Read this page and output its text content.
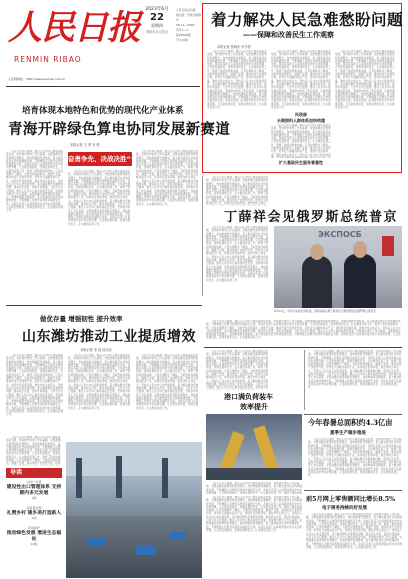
人民日报
RENMIN RIBAO
2023年6月
22
星期四
癸卯年五月初五
人民日报社出版
国内统一连续出版物号
CN 11—0065
代号1—1
第26566期
今日20版
人民网网址：http://www.people.com.cn
着力解决人民急难愁盼问题
——保障和改善民生工作观察
本报记者 张晓东 申少铁
　　习近平总书记强调，要以人民为中心推动高质量发展，坚持稳中求进工作总基调，完整准确全面贯彻新发展理念，加快构建新发展格局，着力推动经济社会持续健康发展，不断增强人民群众获得感幸福感安全感。各地区各部门认真贯彻落实党中央决策部署，立足新发展阶段，统筹发展和安全，扎实推进各项工作，取得了新的进展和成效。记者在调研中了解到，当地坚持创新驱动，做强产业链，推动传统产业转型升级，培育壮大战略性新兴产业，持续优化营商环境，激发市场主体活力。坚持以人民为中心的发展思想，着力解决群众急难愁盼问题，推动民生改善，促进共同富裕。习近平总书记强调，要以人民为中心推动高质量发展，坚持稳中求进工作总基调，完整准确全面贯彻新发展理念，加快构建新发展格局，着力推动经济社会持续健康发展，不断增强人民群众获得感幸福感安全感。各地区各部门认真贯彻落实党中央决策部署，立足新发展阶段，统筹发展和安全，扎实推进各项工作。
　　习近平总书记强调，要以人民为中心推动高质量发展，坚持稳中求进工作总基调，完整准确全面贯彻新发展理念，加快构建新发展格局，着力推动经济社会持续健康发展，不断增强人民群众获得感幸福感安全感。各地区各部门认真贯彻落实党中央决策部署，立足新发展阶段，统筹发展和安全，扎实推进各项工作，取得了新的进展和成效。记者在调研中了解到，当地坚持创新驱动，做强产业链，推动传统产业转型升级，培育壮大战略性新兴产业，持续优化营商环境，激发市场主体活力。坚持以人民为中心的发展思想，着力解决群众急难愁盼问题，推动民生改善，促进共同富裕。习近平总书记强调，要以人民为中心推动高质量发展，坚持稳中求进工作总基调，完整准确全面贯彻新发展理念，加快构建新发展格局，着力推动经济社会持续健康发展，不断增强人民群众获得感幸福感安全感。各地区各部门认真贯彻落实党中央决策部署，立足新发展阶段，统筹发展和安全，扎实推进各项工作。
民政部
长期照料人群体系加快构建
　　习近平总书记强调，要以人民为中心推动高质量发展，坚持稳中求进工作总基调，完整准确全面贯彻新发展理念，加快构建新发展格局，着力推动经济社会持续健康发展，不断增强人民群众获得感幸福感安全感。各地区各部门认真贯彻落实党中央决策部署，立足新发展阶段，统筹发展和安全，扎实推进各项工作，取得了新的进展和成效。记者在调研中了解到，当地坚持创新驱动，做强产业链，推动传统产业转型升级，培育壮大战略性新兴产业，持续优化营商环境，激发市场主体活力。坚持以人民为中心的发展思想，着力解决群众急难愁盼问题，推动民生改善，促进共同富裕。习近平总书记强调，要以人民为中心推动高质量发展，坚持稳中求进工作总基调，完整准确全面贯彻新发展理念，加快构建新发展格局，着力推动经济社会持续健康发展，不断增强人民群众获得感幸福感安全感。各地区各部门认真贯彻落实党中央决策部署，立足新发展阶段，统筹发展和安全，扎实推进各项工作。
扩大基础民生服务普惠性
　　习近平总书记强调，要以人民为中心推动高质量发展，坚持稳中求进工作总基调，完整准确全面贯彻新发展理念，加快构建新发展格局，着力推动经济社会持续健康发展，不断增强人民群众获得感幸福感安全感。各地区各部门认真贯彻落实党中央决策部署，立足新发展阶段，统筹发展和安全，扎实推进各项工作，取得了新的进展和成效。记者在调研中了解到，当地坚持创新驱动，做强产业链，推动传统产业转型升级，培育壮大战略性新兴产业，持续优化营商环境，激发市场主体活力。坚持以人民为中心的发展思想，着力解决群众急难愁盼问题，推动民生改善，促进共同富裕。习近平总书记强调，要以人民为中心推动高质量发展，坚持稳中求进工作总基调，完整准确全面贯彻新发展理念，加快构建新发展格局，着力推动经济社会持续健康发展，不断增强人民群众获得感幸福感安全感。各地区各部门认真贯彻落实党中央决策部署，立足新发展阶段，统筹发展和安全，扎实推进各项工作。
培育体现本地特色和优势的现代化产业体系
青海开辟绿色算电协同发展新赛道
本报记者 王 梦 乔 栋
　　习近平总书记强调，要以人民为中心推动高质量发展，坚持稳中求进工作总基调，完整准确全面贯彻新发展理念，加快构建新发展格局，着力推动经济社会持续健康发展，不断增强人民群众获得感幸福感安全感。各地区各部门认真贯彻落实党中央决策部署，立足新发展阶段，统筹发展和安全，扎实推进各项工作，取得了新的进展和成效。记者在调研中了解到，当地坚持创新驱动，做强产业链，推动传统产业转型升级，培育壮大战略性新兴产业，持续优化营商环境，激发市场主体活力。坚持以人民为中心的发展思想，着力解决群众急难愁盼问题，推动民生改善，促进共同富裕。习近平总书记强调，要以人民为中心推动高质量发展，坚持稳中求进工作总基调，完整准确全面贯彻新发展理念，加快构建新发展格局，着力推动经济社会持续健康发展，不断增强人民群众获得感幸福感安全感。各地区各部门认真贯彻落实党中央决策部署，立足新发展阶段，统筹发展和安全，扎实推进各项工作。
奋勇争先、决战决胜“十四五”
　　习近平总书记强调，要以人民为中心推动高质量发展，坚持稳中求进工作总基调，完整准确全面贯彻新发展理念，加快构建新发展格局，着力推动经济社会持续健康发展，不断增强人民群众获得感幸福感安全感。各地区各部门认真贯彻落实党中央决策部署，立足新发展阶段，统筹发展和安全，扎实推进各项工作，取得了新的进展和成效。记者在调研中了解到，当地坚持创新驱动，做强产业链，推动传统产业转型升级，培育壮大战略性新兴产业，持续优化营商环境，激发市场主体活力。坚持以人民为中心的发展思想，着力解决群众急难愁盼问题，推动民生改善，促进共同富裕。习近平总书记强调，要以人民为中心推动高质量发展，坚持稳中求进工作总基调，完整准确全面贯彻新发展理念，加快构建新发展格局，着力推动经济社会持续健康发展，不断增强人民群众获得感幸福感安全感。各地区各部门认真贯彻落实党中央决策部署，立足新发展阶段，统筹发展和安全，扎实推进各项工作。
　　习近平总书记强调，要以人民为中心推动高质量发展，坚持稳中求进工作总基调，完整准确全面贯彻新发展理念，加快构建新发展格局，着力推动经济社会持续健康发展，不断增强人民群众获得感幸福感安全感。各地区各部门认真贯彻落实党中央决策部署，立足新发展阶段，统筹发展和安全，扎实推进各项工作，取得了新的进展和成效。记者在调研中了解到，当地坚持创新驱动，做强产业链，推动传统产业转型升级，培育壮大战略性新兴产业，持续优化营商环境，激发市场主体活力。坚持以人民为中心的发展思想，着力解决群众急难愁盼问题，推动民生改善，促进共同富裕。习近平总书记强调，要以人民为中心推动高质量发展，坚持稳中求进工作总基调，完整准确全面贯彻新发展理念，加快构建新发展格局，着力推动经济社会持续健康发展，不断增强人民群众获得感幸福感安全感。各地区各部门认真贯彻落实党中央决策部署，立足新发展阶段，统筹发展和安全，扎实推进各项工作。
　　习近平总书记强调，要以人民为中心推动高质量发展，坚持稳中求进工作总基调，完整准确全面贯彻新发展理念，加快构建新发展格局，着力推动经济社会持续健康发展，不断增强人民群众获得感幸福感安全感。各地区各部门认真贯彻落实党中央决策部署，立足新发展阶段，统筹发展和安全，扎实推进各项工作，取得了新的进展和成效。记者在调研中了解到，当地坚持创新驱动，做强产业链，推动传统产业转型升级，培育壮大战略性新兴产业，持续优化营商环境，激发市场主体活力。坚持以人民为中心的发展思想，着力解决群众急难愁盼问题，推动民生改善，促进共同富裕。习近平总书记强调，要以人民为中心推动高质量发展，坚持稳中求进工作总基调，完整准确全面贯彻新发展理念，加快构建新发展格局，着力推动经济社会持续健康发展，不断增强人民群众获得感幸福感安全感。各地区各部门认真贯彻落实党中央决策部署，立足新发展阶段，统筹发展和安全，扎实推进各项工作。
丁薛祥会见俄罗斯总统普京
　　习近平总书记强调，要以人民为中心推动高质量发展，坚持稳中求进工作总基调，完整准确全面贯彻新发展理念，加快构建新发展格局，着力推动经济社会持续健康发展，不断增强人民群众获得感幸福感安全感。各地区各部门认真贯彻落实党中央决策部署，立足新发展阶段，统筹发展和安全，扎实推进各项工作，取得了新的进展和成效。记者在调研中了解到，当地坚持创新驱动，做强产业链，推动传统产业转型升级，培育壮大战略性新兴产业，持续优化营商环境，激发市场主体活力。坚持以人民为中心的发展思想，着力解决群众急难愁盼问题，推动民生改善，促进共同富裕。习近平总书记强调，要以人民为中心推动高质量发展，坚持稳中求进工作总基调，完整准确全面贯彻新发展理念，加快构建新发展格局，着力推动经济社会持续健康发展，不断增强人民群众获得感幸福感安全感。各地区各部门认真贯彻落实党中央决策部署，立足新发展阶段，统筹发展和安全，扎实推进各项工作。
ЭКСПОСБ
6月21日，中共中央政治局常委、国务院副总理丁薛祥在圣彼得堡会见俄罗斯总统普京。
　　习近平总书记强调，要以人民为中心推动高质量发展，坚持稳中求进工作总基调，完整准确全面贯彻新发展理念，加快构建新发展格局，着力推动经济社会持续健康发展，不断增强人民群众获得感幸福感安全感。各地区各部门认真贯彻落实党中央决策部署，立足新发展阶段，统筹发展和安全，扎实推进各项工作，取得了新的进展和成效。记者在调研中了解到，当地坚持创新驱动，做强产业链，推动传统产业转型升级，培育壮大战略性新兴产业，持续优化营商环境，激发市场主体活力。坚持以人民为中心的发展思想，着力解决群众急难愁盼问题，推动民生改善，促进共同富裕。习近平总书记强调，要以人民为中心推动高质量发展，坚持稳中求进工作总基调，完整准确全面贯彻新发展理念，加快构建新发展格局，着力推动经济社会持续健康发展，不断增强人民群众获得感幸福感安全感。各地区各部门认真贯彻落实党中央决策部署，立足新发展阶段，统筹发展和安全，扎实推进各项工作。
做优存量 增强韧性 提升效率
山东潍坊推动工业提质增效
本报记者 李 蕊 侯冰洁
　　习近平总书记强调，要以人民为中心推动高质量发展，坚持稳中求进工作总基调，完整准确全面贯彻新发展理念，加快构建新发展格局，着力推动经济社会持续健康发展，不断增强人民群众获得感幸福感安全感。各地区各部门认真贯彻落实党中央决策部署，立足新发展阶段，统筹发展和安全，扎实推进各项工作，取得了新的进展和成效。记者在调研中了解到，当地坚持创新驱动，做强产业链，推动传统产业转型升级，培育壮大战略性新兴产业，持续优化营商环境，激发市场主体活力。坚持以人民为中心的发展思想，着力解决群众急难愁盼问题，推动民生改善，促进共同富裕。习近平总书记强调，要以人民为中心推动高质量发展，坚持稳中求进工作总基调，完整准确全面贯彻新发展理念，加快构建新发展格局，着力推动经济社会持续健康发展，不断增强人民群众获得感幸福感安全感。各地区各部门认真贯彻落实党中央决策部署，立足新发展阶段，统筹发展和安全，扎实推进各项工作。
　　习近平总书记强调，要以人民为中心推动高质量发展，坚持稳中求进工作总基调，完整准确全面贯彻新发展理念，加快构建新发展格局，着力推动经济社会持续健康发展，不断增强人民群众获得感幸福感安全感。各地区各部门认真贯彻落实党中央决策部署，立足新发展阶段，统筹发展和安全，扎实推进各项工作，取得了新的进展和成效。记者在调研中了解到，当地坚持创新驱动，做强产业链，推动传统产业转型升级，培育壮大战略性新兴产业，持续优化营商环境，激发市场主体活力。坚持以人民为中心的发展思想，着力解决群众急难愁盼问题，推动民生改善，促进共同富裕。习近平总书记强调，要以人民为中心推动高质量发展，坚持稳中求进工作总基调，完整准确全面贯彻新发展理念，加快构建新发展格局，着力推动经济社会持续健康发展，不断增强人民群众获得感幸福感安全感。各地区各部门认真贯彻落实党中央决策部署，立足新发展阶段，统筹发展和安全，扎实推进各项工作。
　　习近平总书记强调，要以人民为中心推动高质量发展，坚持稳中求进工作总基调，完整准确全面贯彻新发展理念，加快构建新发展格局，着力推动经济社会持续健康发展，不断增强人民群众获得感幸福感安全感。各地区各部门认真贯彻落实党中央决策部署，立足新发展阶段，统筹发展和安全，扎实推进各项工作，取得了新的进展和成效。记者在调研中了解到，当地坚持创新驱动，做强产业链，推动传统产业转型升级，培育壮大战略性新兴产业，持续优化营商环境，激发市场主体活力。坚持以人民为中心的发展思想，着力解决群众急难愁盼问题，推动民生改善，促进共同富裕。习近平总书记强调，要以人民为中心推动高质量发展，坚持稳中求进工作总基调，完整准确全面贯彻新发展理念，加快构建新发展格局，着力推动经济社会持续健康发展，不断增强人民群众获得感幸福感安全感。各地区各部门认真贯彻落实党中央决策部署，立足新发展阶段，统筹发展和安全，扎实推进各项工作。
　　习近平总书记强调，要以人民为中心推动高质量发展，坚持稳中求进工作总基调，完整准确全面贯彻新发展理念，加快构建新发展格局，着力推动经济社会持续健康发展，不断增强人民群众获得感幸福感安全感。各地区各部门认真贯彻落实党中央决策部署，立足新发展阶段，统筹发展和安全，扎实推进各项工作，取得了新的进展和成效。记者在调研中了解到，当地坚持创新驱动，做强产业链，推动传统产业转型升级，培育壮大战略性新兴产业，持续优化营商环境，激发市场主体活力。坚持以人民为中心的发展思想，着力解决群众急难愁盼问题，推动民生改善，促进共同富裕。习近平总书记强调，要以人民为中心推动高质量发展，坚持稳中求进工作总基调，完整准确全面贯彻新发展理念，加快构建新发展格局，着力推动经济社会持续健康发展，不断增强人民群众获得感幸福感安全感。各地区各部门认真贯彻落实党中央决策部署，立足新发展阶段，统筹发展和安全，扎实推进各项工作。
港口满负荷装车
效率提升
　　习近平总书记强调，要以人民为中心推动高质量发展，坚持稳中求进工作总基调，完整准确全面贯彻新发展理念，加快构建新发展格局，着力推动经济社会持续健康发展，不断增强人民群众获得感幸福感安全感。各地区各部门认真贯彻落实党中央决策部署，立足新发展阶段，统筹发展和安全，扎实推进各项工作，取得了新的进展和成效。记者在调研中了解到，当地坚持创新驱动，做强产业链，推动传统产业转型升级，培育壮大战略性新兴产业，持续优化营商环境，激发市场主体活力。坚持以人民为中心的发展思想，着力解决群众急难愁盼问题，推动民生改善，促进共同富裕。习近平总书记强调，要以人民为中心推动高质量发展，坚持稳中求进工作总基调，完整准确全面贯彻新发展理念，加快构建新发展格局，着力推动经济社会持续健康发展，不断增强人民群众获得感幸福感安全感。各地区各部门认真贯彻落实党中央决策部署，立足新发展阶段，统筹发展和安全，扎实推进各项工作。
　　习近平总书记强调，要以人民为中心推动高质量发展，坚持稳中求进工作总基调，完整准确全面贯彻新发展理念，加快构建新发展格局，着力推动经济社会持续健康发展，不断增强人民群众获得感幸福感安全感。各地区各部门认真贯彻落实党中央决策部署，立足新发展阶段，统筹发展和安全，扎实推进各项工作，取得了新的进展和成效。记者在调研中了解到，当地坚持创新驱动，做强产业链，推动传统产业转型升级，培育壮大战略性新兴产业，持续优化营商环境，激发市场主体活力。坚持以人民为中心的发展思想，着力解决群众急难愁盼问题，推动民生改善，促进共同富裕。习近平总书记强调，要以人民为中心推动高质量发展，坚持稳中求进工作总基调，完整准确全面贯彻新发展理念，加快构建新发展格局，着力推动经济社会持续健康发展，不断增强人民群众获得感幸福感安全感。各地区各部门认真贯彻落实党中央决策部署，立足新发展阶段，统筹发展和安全，扎实推进各项工作。
导读
中国一东盟
建设性出口管理体系 支持期内多元发展
2版
高质量发展
礼赞乡村 建乡美打造新人
2版
环境保护
推动绿色发展 增进生态福祉
10版
　　习近平总书记强调，要以人民为中心推动高质量发展，坚持稳中求进工作总基调，完整准确全面贯彻新发展理念，加快构建新发展格局，着力推动经济社会持续健康发展，不断增强人民群众获得感幸福感安全感。各地区各部门认真贯彻落实党中央决策部署，立足新发展阶段，统筹发展和安全，扎实推进各项工作，取得了新的进展和成效。记者在调研中了解到，当地坚持创新驱动，做强产业链，推动传统产业转型升级，培育壮大战略性新兴产业，持续优化营商环境，激发市场主体活力。坚持以人民为中心的发展思想，着力解决群众急难愁盼问题，推动民生改善，促进共同富裕。习近平总书记强调，要以人民为中心推动高质量发展，坚持稳中求进工作总基调，完整准确全面贯彻新发展理念，加快构建新发展格局，着力推动经济社会持续健康发展，不断增强人民群众获得感幸福感安全感。各地区各部门认真贯彻落实党中央决策部署，立足新发展阶段，统筹发展和安全，扎实推进各项工作。
今年春暑总面积约4.3亿亩
夏季生产稳步推进
　　习近平总书记强调，要以人民为中心推动高质量发展，坚持稳中求进工作总基调，完整准确全面贯彻新发展理念，加快构建新发展格局，着力推动经济社会持续健康发展，不断增强人民群众获得感幸福感安全感。各地区各部门认真贯彻落实党中央决策部署，立足新发展阶段，统筹发展和安全，扎实推进各项工作，取得了新的进展和成效。记者在调研中了解到，当地坚持创新驱动，做强产业链，推动传统产业转型升级，培育壮大战略性新兴产业，持续优化营商环境，激发市场主体活力。坚持以人民为中心的发展思想，着力解决群众急难愁盼问题，推动民生改善，促进共同富裕。习近平总书记强调，要以人民为中心推动高质量发展，坚持稳中求进工作总基调，完整准确全面贯彻新发展理念，加快构建新发展格局，着力推动经济社会持续健康发展，不断增强人民群众获得感幸福感安全感。各地区各部门认真贯彻落实党中央决策部署，立足新发展阶段，统筹发展和安全，扎实推进各项工作。
前5月网上零售额同比增长8.5%
电子商务持续向好发展
　　习近平总书记强调，要以人民为中心推动高质量发展，坚持稳中求进工作总基调，完整准确全面贯彻新发展理念，加快构建新发展格局，着力推动经济社会持续健康发展，不断增强人民群众获得感幸福感安全感。各地区各部门认真贯彻落实党中央决策部署，立足新发展阶段，统筹发展和安全，扎实推进各项工作，取得了新的进展和成效。记者在调研中了解到，当地坚持创新驱动，做强产业链，推动传统产业转型升级，培育壮大战略性新兴产业，持续优化营商环境，激发市场主体活力。坚持以人民为中心的发展思想，着力解决群众急难愁盼问题，推动民生改善，促进共同富裕。习近平总书记强调，要以人民为中心推动高质量发展，坚持稳中求进工作总基调，完整准确全面贯彻新发展理念，加快构建新发展格局，着力推动经济社会持续健康发展，不断增强人民群众获得感幸福感安全感。各地区各部门认真贯彻落实党中央决策部署，立足新发展阶段，统筹发展和安全，扎实推进各项工作。
　　习近平总书记强调，要以人民为中心推动高质量发展，坚持稳中求进工作总基调，完整准确全面贯彻新发展理念，加快构建新发展格局，着力推动经济社会持续健康发展，不断增强人民群众获得感幸福感安全感。各地区各部门认真贯彻落实党中央决策部署，立足新发展阶段，统筹发展和安全，扎实推进各项工作，取得了新的进展和成效。记者在调研中了解到，当地坚持创新驱动，做强产业链，推动传统产业转型升级，培育壮大战略性新兴产业，持续优化营商环境，激发市场主体活力。坚持以人民为中心的发展思想，着力解决群众急难愁盼问题，推动民生改善，促进共同富裕。习近平总书记强调，要以人民为中心推动高质量发展，坚持稳中求进工作总基调，完整准确全面贯彻新发展理念，加快构建新发展格局，着力推动经济社会持续健康发展，不断增强人民群众获得感幸福感安全感。各地区各部门认真贯彻落实党中央决策部署，立足新发展阶段，统筹发展和安全，扎实推进各项工作。
